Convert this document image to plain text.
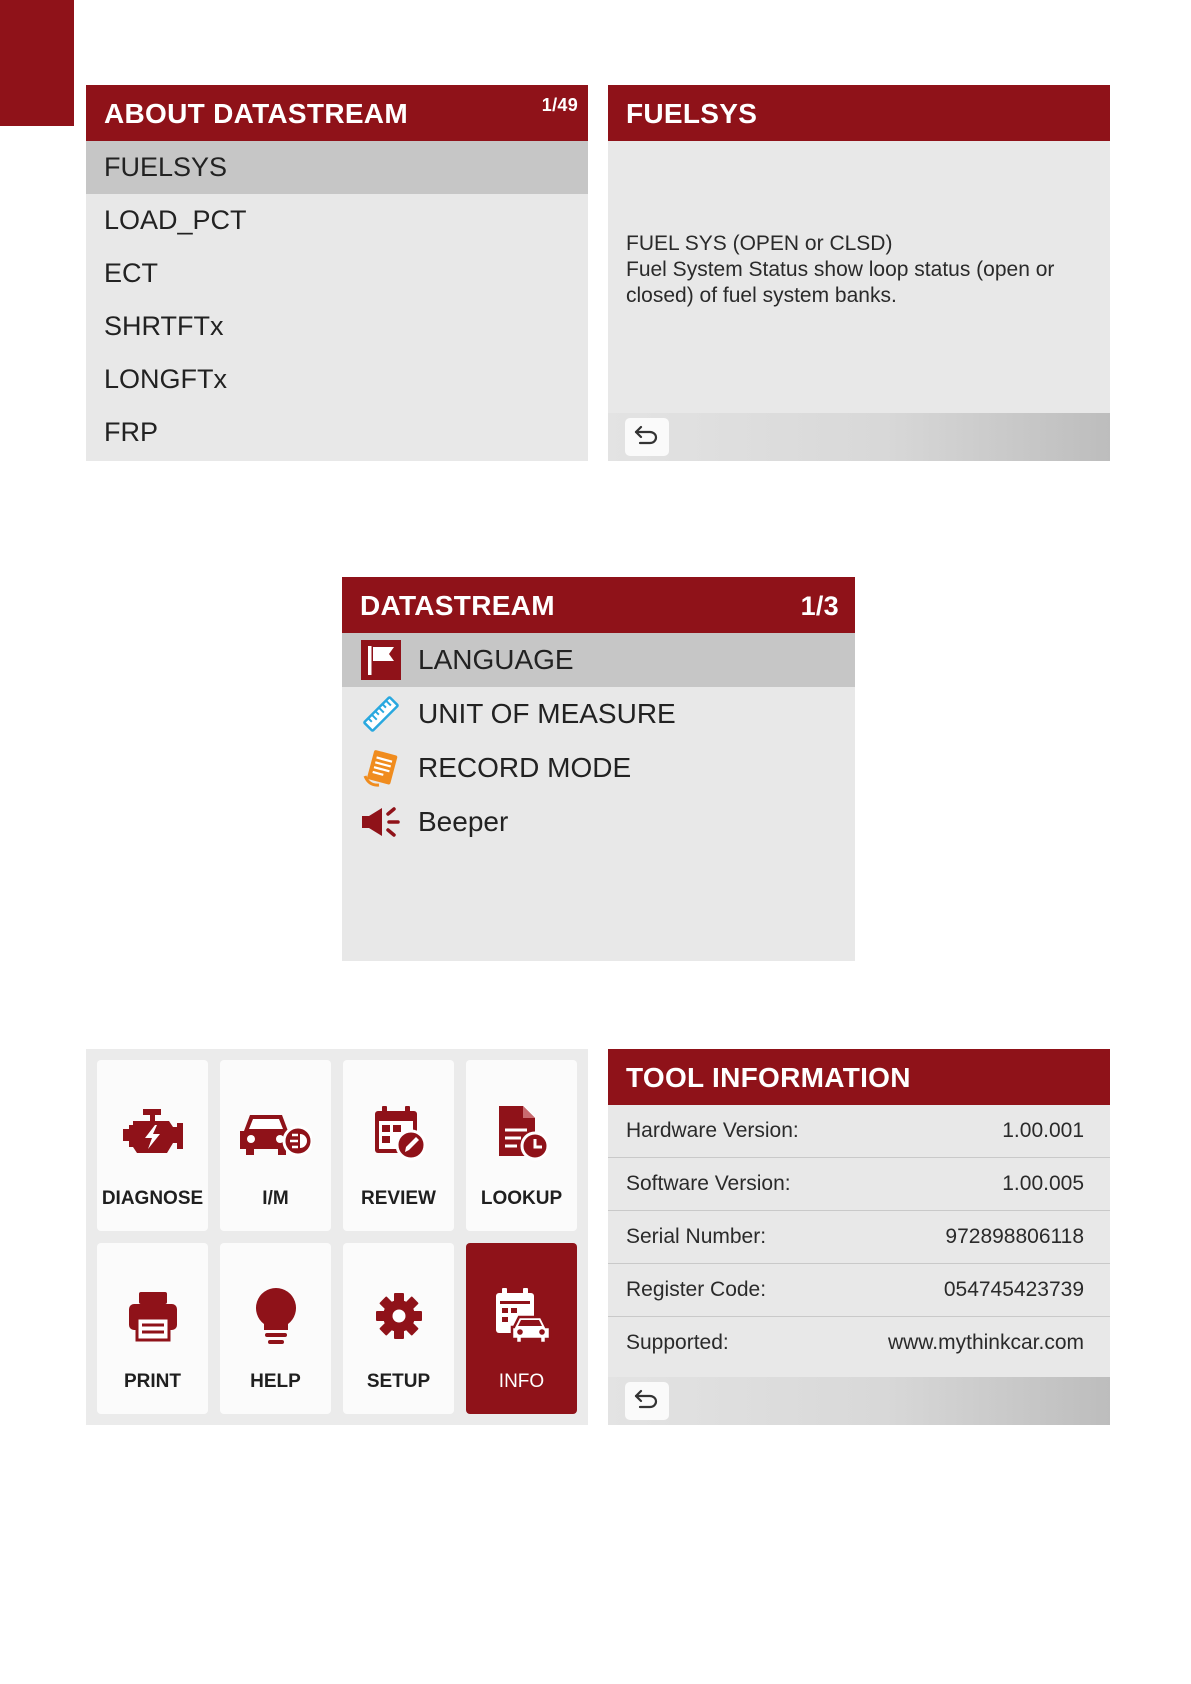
ABOUT DATASTREAM	1/49
FUELSYS
LOAD_PCT
ECT
SHRTFTx
LONGFTx
FRP
FUELSYS
FUEL SYS (OPEN or CLSD)
Fuel System Status show loop status (open or
closed) of fuel system banks.
DATASTREAM	1/3
LANGUAGE
UNIT OF MEASURE
RECORD MODE
Beeper
DIAGNOSE	I/M	REVIEW	LOOKUP
PRINT	HELP	SETUP	INFO
TOOL INFORMATION
Hardware Version:	1.00.001
Software Version:	1.00.005
Serial Number:	972898806118
Register Code:	054745423739
Supported:	www.mythinkcar.com
